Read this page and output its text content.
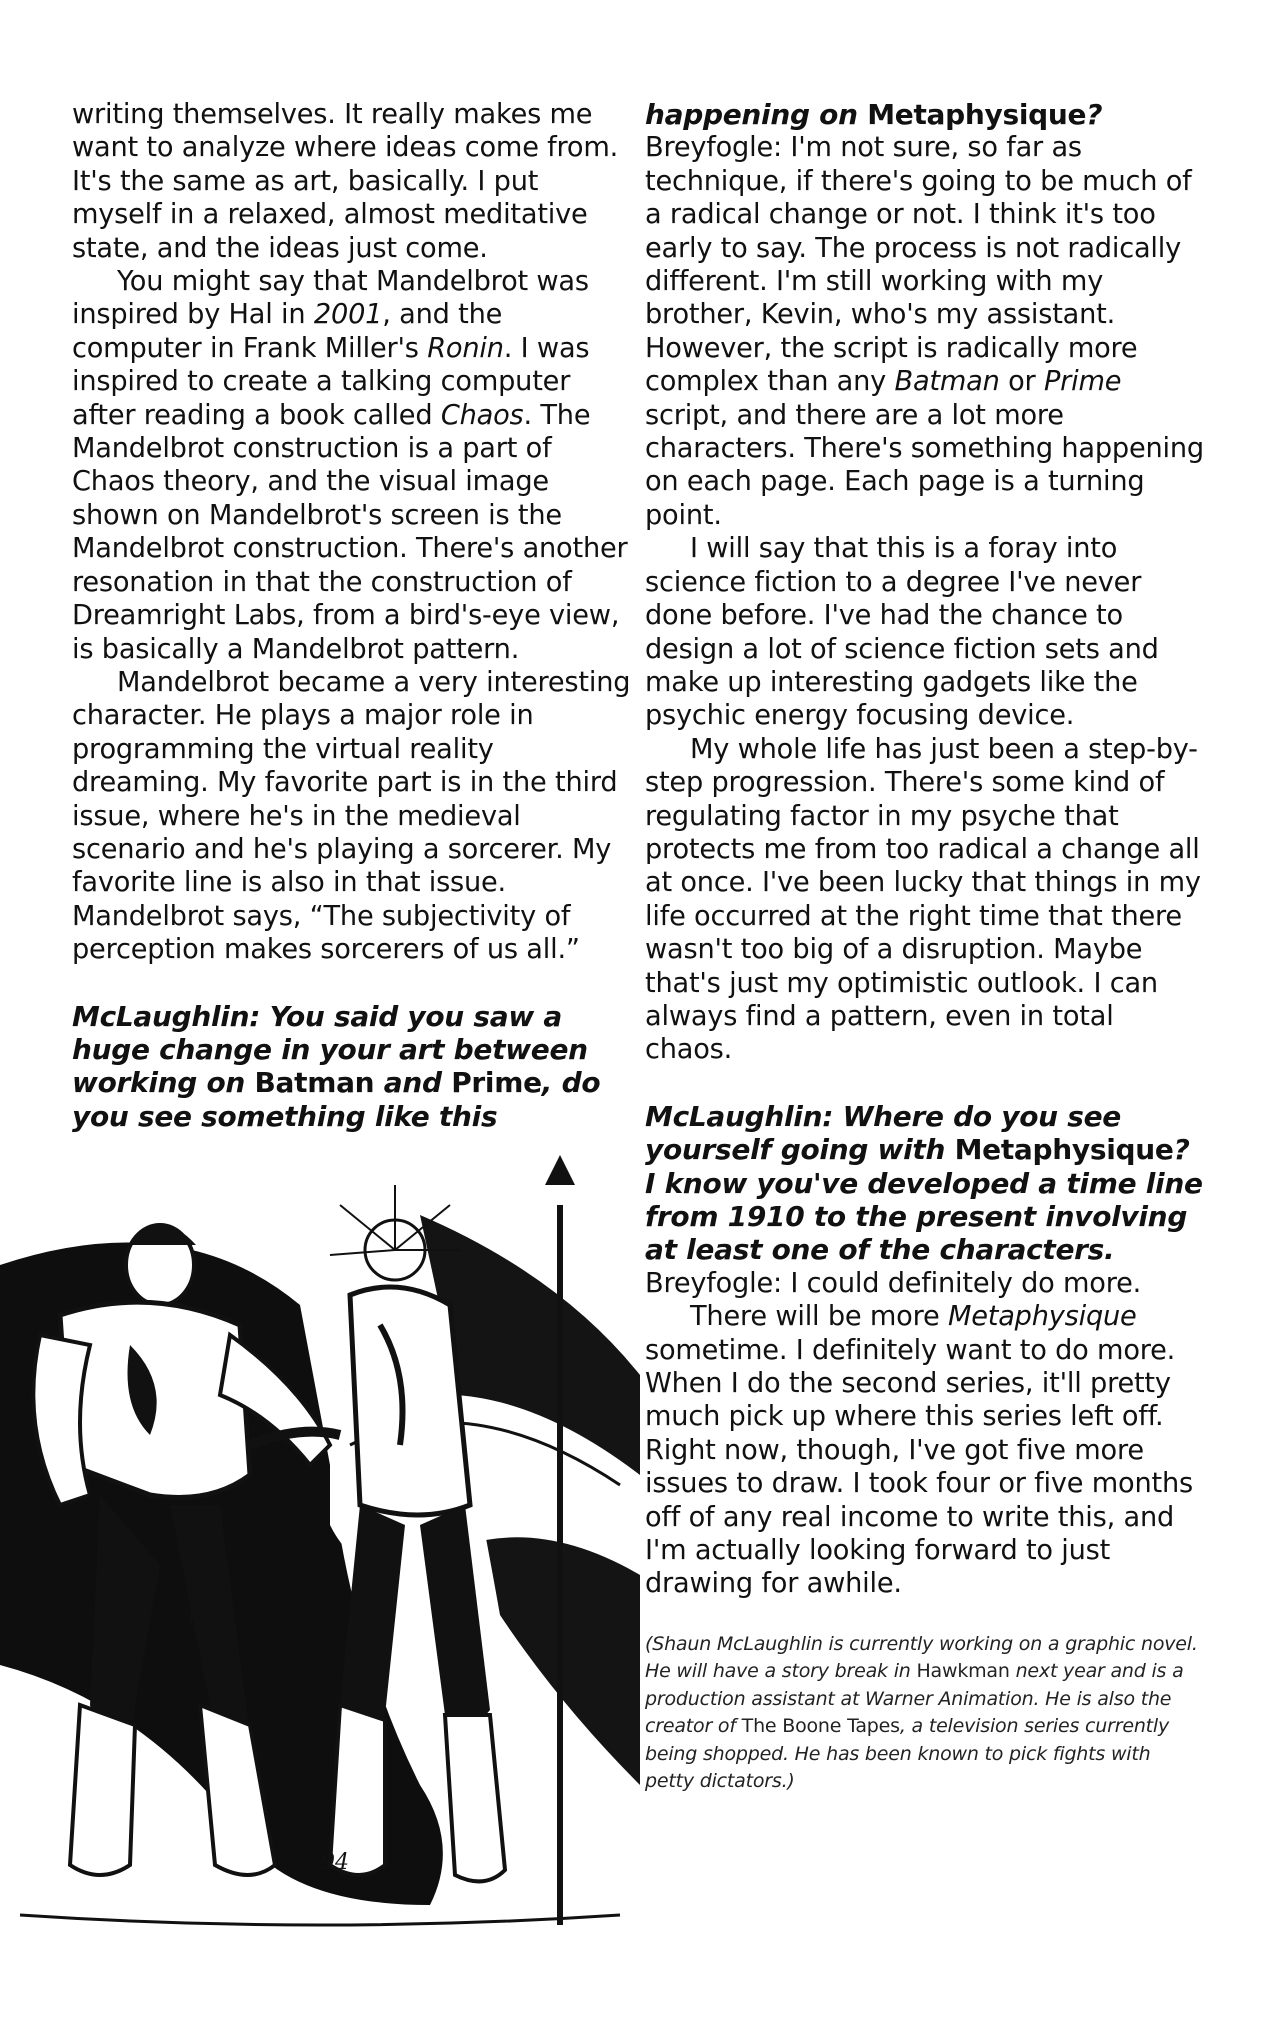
writing themselves. It really makes me want to analyze where ideas come from. It's the same as art, basically. I put myself in a relaxed, almost meditative state, and the ideas just come.

You might say that Mandelbrot was inspired by Hal in 2001, and the computer in Frank Miller's Ronin. I was inspired to create a talking computer after reading a book called Chaos. The Mandelbrot construction is a part of Chaos theory, and the visual image shown on Mandelbrot's screen is the Mandelbrot construction. There's another resonation in that the construction of Dreamright Labs, from a bird's-eye view, is basically a Mandelbrot pattern.

Mandelbrot became a very interesting character. He plays a major role in programming the virtual reality dreaming. My favorite part is in the third issue, where he's in the medieval scenario and he's playing a sorcerer. My favorite line is also in that issue. Mandelbrot says, “The subjectivity of perception makes sorcerers of us all.”

McLaughlin: You said you saw a huge change in your art between working on Batman and Prime, do you see something like this

happening on Metaphysique?

Breyfogle: I'm not sure, so far as technique, if there's going to be much of a radical change or not. I think it's too early to say. The process is not radically different. I'm still working with my brother, Kevin, who's my assistant. However, the script is radically more complex than any Batman or Prime script, and there are a lot more characters. There's something happening on each page. Each page is a turning point.

I will say that this is a foray into science fiction to a degree I've never done before. I've had the chance to design a lot of science fiction sets and make up interesting gadgets like the psychic energy focusing device.

My whole life has just been a step-by-step progression. There's some kind of regulating factor in my psyche that protects me from too radical a change all at once. I've been lucky that things in my life occurred at the right time that there wasn't too big of a disruption. Maybe that's just my optimistic outlook. I can always find a pattern, even in total chaos.

McLaughlin: Where do you see yourself going with Metaphysique? I know you've developed a time line from 1910 to the present involving at least one of the characters.

Breyfogle: I could definitely do more.

There will be more Metaphysique sometime. I definitely want to do more. When I do the second series, it'll pretty much pick up where this series left off. Right now, though, I've got five more issues to draw. I took four or five months off of any real income to write this, and I'm actually looking forward to just drawing for awhile.

(Shaun McLaughlin is currently working on a graphic novel. He will have a story break in Hawkman next year and is a production assistant at Warner Animation. He is also the creator of The Boone Tapes, a television series currently being shopped. He has been known to pick fights with petty dictators.)

'94
